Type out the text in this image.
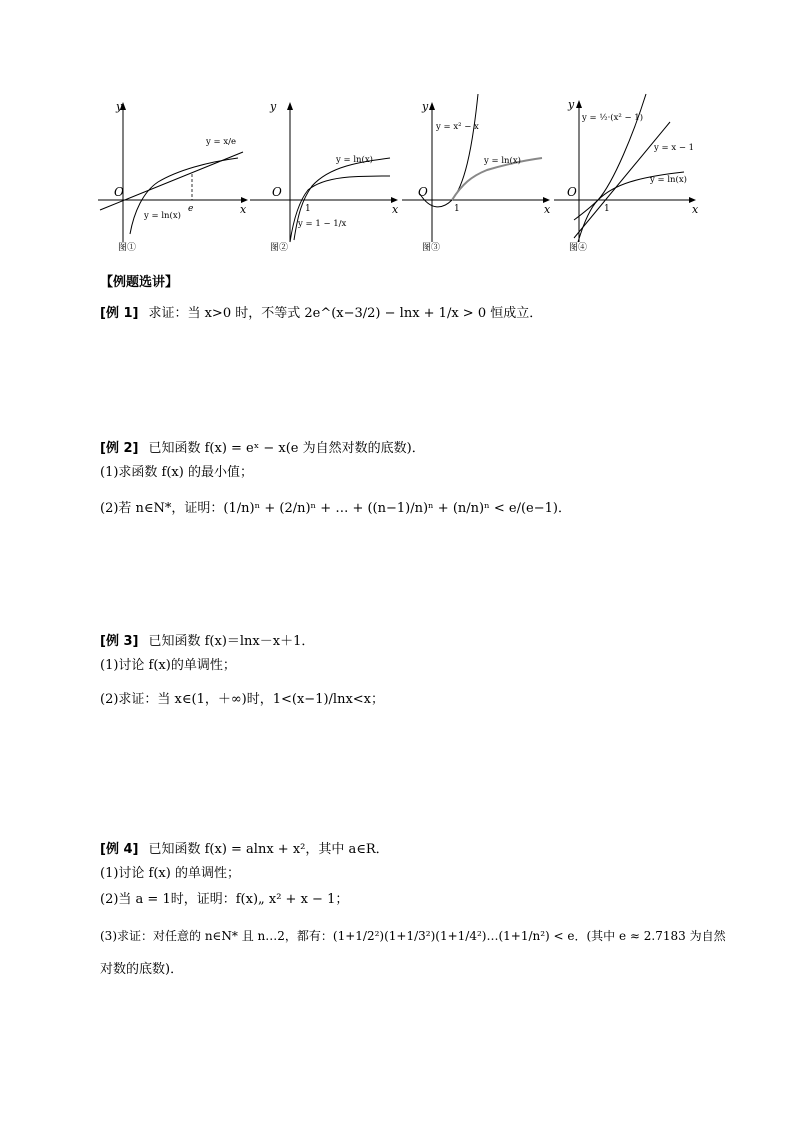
y
x
O
e
y = x/e
y = ln(x)
图①
y
x
O
1
y = ln(x)
y = 1 − 1/x
图②
y
x
O
1
y = x² − x
y = ln(x)
图③
y
x
O
1
y = ½·(x² − 1)
y = x − 1
y = ln(x)
图④
【例题选讲】
[例 1] 求证：当 x>0 时，不等式 2e^(x−3/2) − lnx + 1/x > 0 恒成立．
[例 2] 已知函数 f(x) = eˣ − x(e 为自然对数的底数)．
(1)求函数 f(x) 的最小值；
(2)若 n∈N*，证明：(1/n)ⁿ + (2/n)ⁿ + … + ((n−1)/n)ⁿ + (n/n)ⁿ < e/(e−1)．
[例 3] 已知函数 f(x)＝lnx－x＋1．
(1)讨论 f(x)的单调性；
(2)求证：当 x∈(1，＋∞)时，1<(x−1)/lnx<x；
[例 4] 已知函数 f(x) = alnx + x²，其中 a∈R．
(1)讨论 f(x) 的单调性；
(2)当 a = 1时，证明：f(x)„ x² + x − 1；
(3)求证：对任意的 n∈N* 且 n…2，都有：(1+1/2²)(1+1/3²)(1+1/4²)…(1+1/n²) < e．(其中 e ≈ 2.7183 为自然
对数的底数)．
